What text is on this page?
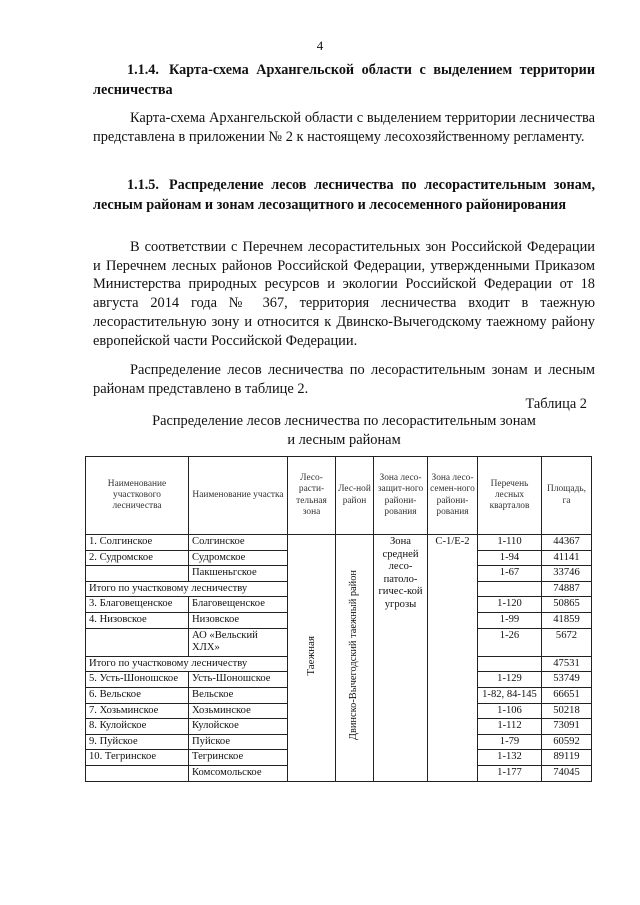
4
1.1.4. Карта-схема Архангельской области с выделением территории лесничества
Карта-схема Архангельской области с выделением территории лесничества представлена в приложении № 2 к настоящему лесохозяйственному регламенту.
1.1.5. Распределение лесов лесничества по лесорастительным зонам, лесным районам и зонам лесозащитного и лесосеменного районирования
В соответствии с Перечнем лесорастительных зон Российской Федерации и Перечнем лесных районов Российской Федерации, утвержденными Приказом Министерства природных ресурсов и экологии Российской Федерации от 18 августа 2014 года № 367, территория лесничества входит в таежную лесорастительную зону и относится к Двинско-Вычегодскому таежному району европейской части Российской Федерации.
Распределение лесов лесничества по лесорастительным зонам и лесным районам представлено в таблице 2.
Таблица 2
Распределение лесов лесничества по лесорастительным зонам
и лесным районам
Наименование участкового лесничества	Наименование участка	Лесо-расти-тельная зона	Лес-ной район	Зона лесо-защит-ного райони-рования	Зона лесо-семен-ного райони-рования	Перечень лесных кварталов	Площадь, га
1. Солгинское	Солгинское	Таежная	Двинско-Вычегодский таежный район	Зона средней лесо-патоло-гичес-кой угрозы	С-1/Е-2	1-110	44367
2. Судромское	Судромское					1-94	41141
	Пакшеньгское					1-67	33746
Итого по участковому лесничеству							74887
3. Благовещенское	Благовещенское					1-120	50865
4. Низовское	Низовское					1-99	41859
	АО «Вельский ХЛХ»					1-26	5672
Итого по участковому лесничеству							47531
5. Усть-Шоношское	Усть-Шоношское					1-129	53749
6. Вельское	Вельское					1-82, 84-145	66651
7. Хозьминское	Хозьминское					1-106	50218
8. Кулойское	Кулойское					1-112	73091
9. Пуйское	Пуйское					1-79	60592
10. Тегринское	Тегринское					1-132	89119
	Комсомольское					1-177	74045
